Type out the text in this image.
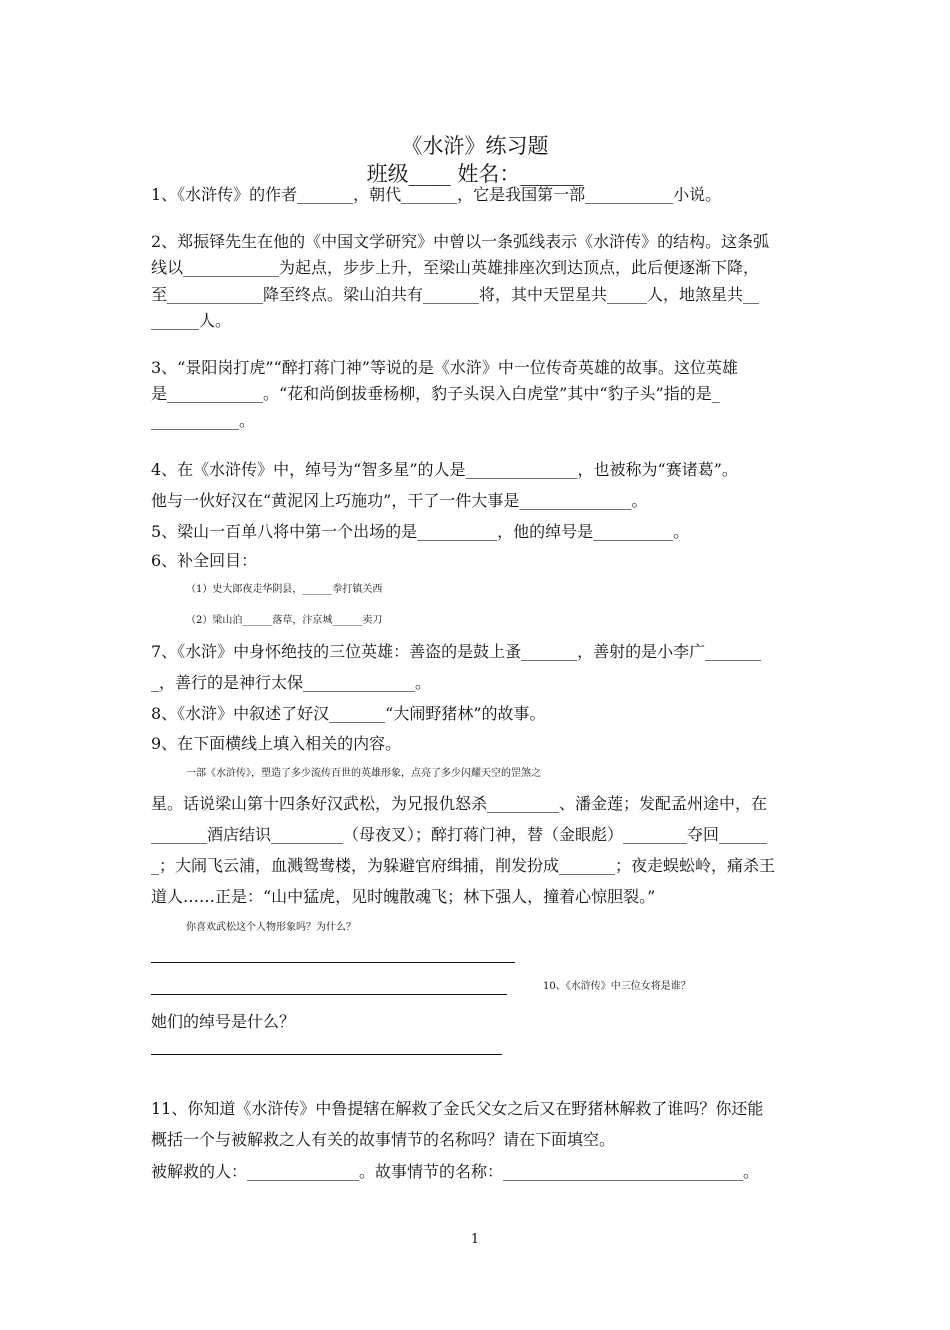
《水浒》练习题
班级____ 姓名：______
1、《水浒传》的作者_______，朝代_______，它是我国第一部___________小说。
2、郑振铎先生在他的《中国文学研究》中曾以一条弧线表示《水浒传》的结构。这条弧
线以____________为起点，步步上升，至梁山英雄排座次到达顶点，此后便逐渐下降，
至____________降至终点。梁山泊共有_______将，其中天罡星共_____人，地煞星共__
______人。
3、“景阳岗打虎”“醉打蒋门神”等说的是《水浒》中一位传奇英雄的故事。这位英雄
是____________。“花和尚倒拔垂杨柳，豹子头误入白虎堂”其中“豹子头”指的是_
___________。
4、在《水浒传》中，绰号为“智多星”的人是______________，也被称为“赛诸葛”。
他与一伙好汉在“黄泥冈上巧施功”，干了一件大事是______________。
5、梁山一百单八将中第一个出场的是__________，他的绰号是__________。
6、补全回目：
（1）史大郎夜走华阴县，______拳打镇关西
（2）梁山泊______落草，汴京城______卖刀
7、《水浒》中身怀绝技的三位英雄：善盗的是鼓上蚤_______，善射的是小李广_______
_，善行的是神行太保______________。
8、《水浒》中叙述了好汉_______“大闹野猪林”的故事。
9、在下面横线上填入相关的内容。
一部《水浒传》，塑造了多少流传百世的英雄形象，点亮了多少闪耀天空的罡煞之
星。话说梁山第十四条好汉武松，为兄报仇怒杀_________、潘金莲；发配孟州途中，在
_______酒店结识_________（母夜叉）；醉打蒋门神，替（金眼彪）________夺回______
_；大闹飞云浦，血溅鸳鸯楼，为躲避官府缉捕，削发扮成_______；夜走蜈蚣岭，痛杀王
道人……正是：“山中猛虎，见时魄散魂飞；林下强人，撞着心惊胆裂。”
你喜欢武松这个人物形象吗？为什么？
10、《水浒传》中三位女将是谁？
她们的绰号是什么？
11、你知道《水浒传》中鲁提辖在解救了金氏父女之后又在野猪林解救了谁吗？你还能
概括一个与被解救之人有关的故事情节的名称吗？请在下面填空。
被解救的人：______________。故事情节的名称：______________________________。
1
